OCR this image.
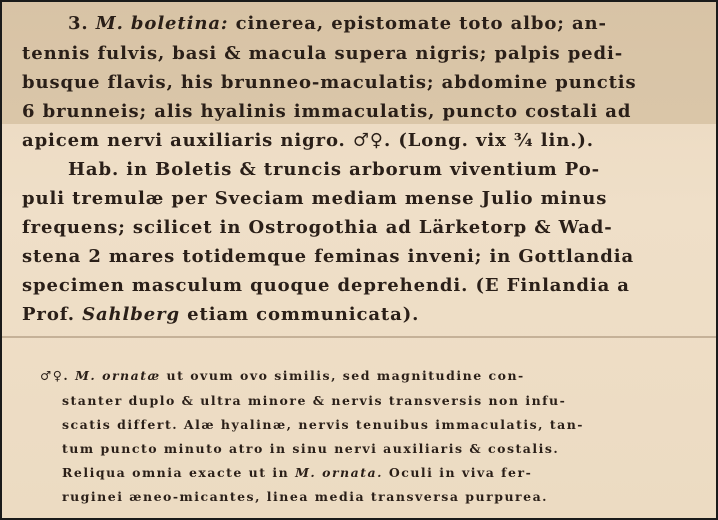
3. M. boletina: cinerea, epistomate toto albo; an-
tennis fulvis, basi & macula supera nigris; palpis pedi-
busque flavis, his brunneo-maculatis; abdomine punctis
6 brunneis; alis hyalinis immaculatis, puncto costali ad
apicem nervi auxiliaris nigro. ♂♀. (Long. vix ¾ lin.).
Hab. in Boletis & truncis arborum viventium Po-
puli tremulæ per Sveciam mediam mense Julio minus
frequens; scilicet in Ostrogothia ad Lärketorp & Wad-
stena 2 mares totidemque feminas inveni; in Gottlandia
specimen masculum quoque deprehendi. (E Finlandia a
Prof. Sahlberg etiam communicata).
♂♀. M. ornatæ ut ovum ovo similis, sed magnitudine con-
stanter duplo & ultra minore & nervis transversis non infu-
scatis differt. Alæ hyalinæ, nervis tenuibus immaculatis, tan-
tum puncto minuto atro in sinu nervi auxiliaris & costalis.
Reliqua omnia exacte ut in M. ornata. Oculi in viva fer-
ruginei æneo-micantes, linea media transversa purpurea.
